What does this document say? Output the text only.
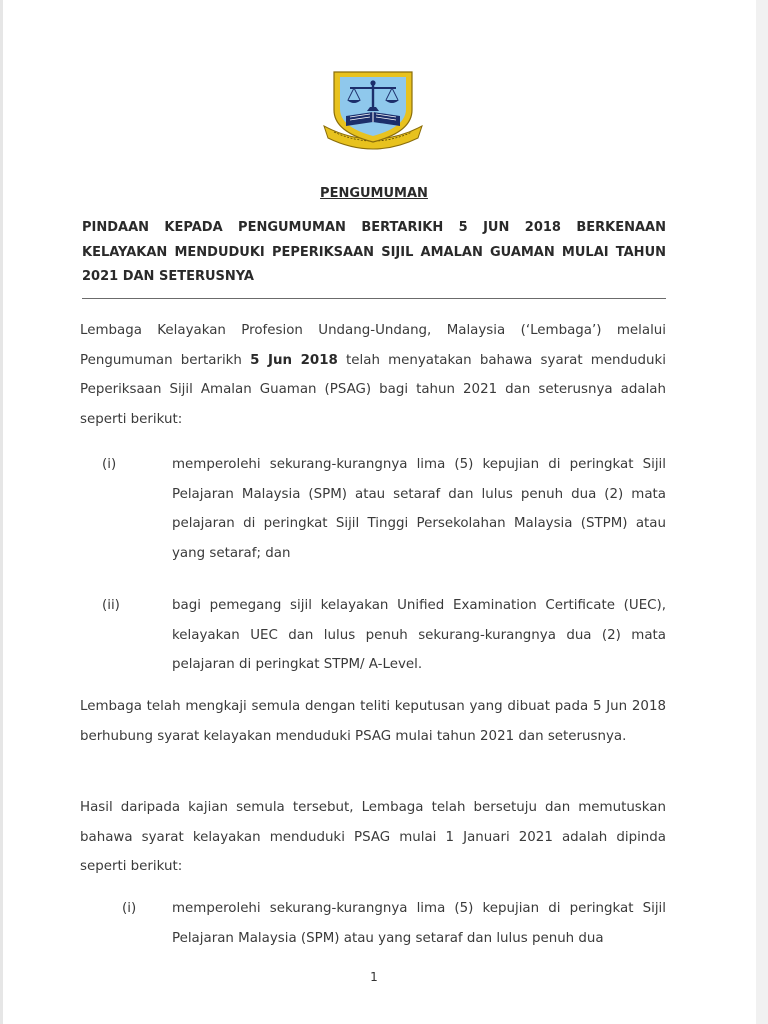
PENGUMUMAN
PINDAAN KEPADA PENGUMUMAN BERTARIKH 5 JUN 2018 BERKENAAN KELAYAKAN MENDUDUKI PEPERIKSAAN SIJIL AMALAN GUAMAN MULAI TAHUN 2021 DAN SETERUSNYA
Lembaga Kelayakan Profesion Undang-Undang, Malaysia (‘Lembaga’) melalui Pengumuman bertarikh 5 Jun 2018 telah menyatakan bahawa syarat menduduki Peperiksaan Sijil Amalan Guaman (PSAG) bagi tahun 2021 dan seterusnya adalah seperti berikut:
(i)	memperolehi sekurang-kurangnya lima (5) kepujian di peringkat Sijil Pelajaran Malaysia (SPM) atau setaraf dan lulus penuh dua (2) mata pelajaran di peringkat Sijil Tinggi Persekolahan Malaysia (STPM) atau yang setaraf; dan
(ii)	bagi pemegang sijil kelayakan Unified Examination Certificate (UEC), kelayakan UEC dan lulus penuh sekurang-kurangnya dua (2) mata pelajaran di peringkat STPM/ A-Level.
Lembaga telah mengkaji semula dengan teliti keputusan yang dibuat pada 5 Jun 2018 berhubung syarat kelayakan menduduki PSAG mulai tahun 2021 dan seterusnya.
Hasil daripada kajian semula tersebut, Lembaga telah bersetuju dan memutuskan bahawa syarat kelayakan menduduki PSAG mulai 1 Januari 2021 adalah dipinda seperti berikut:
(i)	memperolehi sekurang-kurangnya lima (5) kepujian di peringkat Sijil Pelajaran Malaysia (SPM) atau yang setaraf dan lulus penuh dua
1
